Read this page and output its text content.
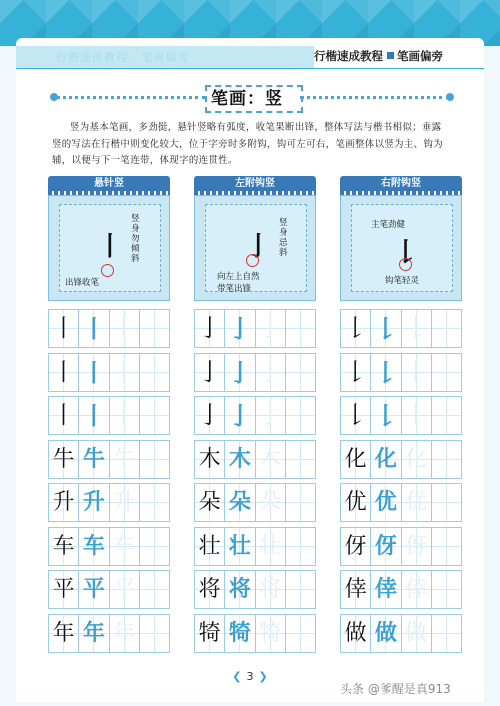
行楷速成教程 · 笔画偏旁	行楷速成教程 笔画偏旁
笔画：竖
竖为基本笔画，多劲挺，悬针竖略有弧度，收笔果断出锋，整体写法与楷书相似；垂露竖的写法在行楷中则变化较大，位于字旁时多附钩，钩可左可右，笔画整体以竖为主、钩为辅，以便与下一笔连带，体现字的连贯性。
悬针竖
丨
竖身勿倾斜
出锋收笔
丨 丨 丨
丨 丨 丨
丨 丨 丨
牛 牛 牛
升 升 升
车 车 车
平 平 平
年 年 年
左附钩竖
亅
竖身忌斜
向左上自然
带笔出锋
亅 亅 亅
亅 亅 亅
亅 亅 亅
木 木 木
朵 朵 朵
壮 壮 壮
将 将 将
犄 犄 犄
右附钩竖
主笔劲健
𠄌
钩笔轻灵
𠄌 𠄌 𠄌
𠄌 𠄌 𠄌
𠄌 𠄌 𠄌
化 化 化
优 优 优
伢 伢 伢
倖 倖 倖
做 做 做
❮ 3 ❯
头条 @爹醒是真913
